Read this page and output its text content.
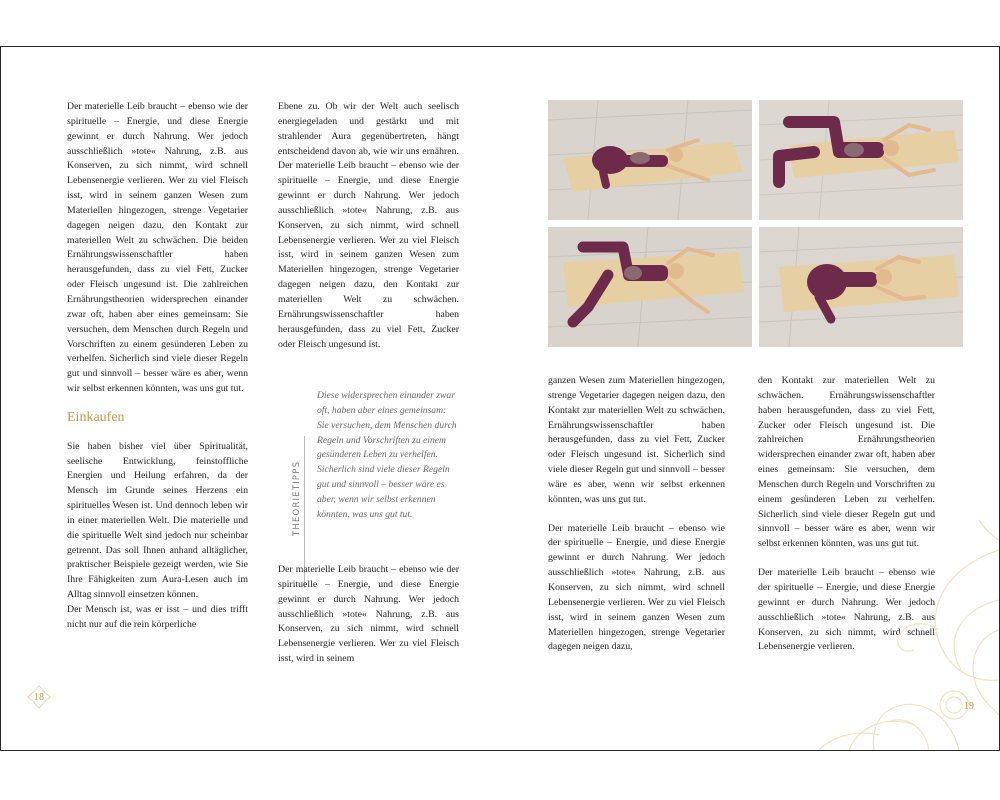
Der materielle Leib braucht – ebenso wie der spirituelle – Energie, und diese Energie gewinnt er durch Nahrung. Wer jedoch ausschließlich »tote« Nahrung, z.B. aus Konserven, zu sich nimmt, wird schnell Lebensenergie verlieren. Wer zu viel Fleisch isst, wird in seinem ganzen Wesen zum Materiellen hingezogen, strenge Vegetarier dagegen neigen dazu, den Kontakt zur materiellen Welt zu schwächen. Die beiden Ernährungswissenschaftler haben herausgefunden, dass zu viel Fett, Zucker oder Fleisch ungesund ist. Die zahlreichen Ernährungstheorien widersprechen einander zwar oft, haben aber eines gemeinsam: Sie versuchen, dem Menschen durch Regeln und Vorschriften zu einem gesünderen Leben zu verhelfen. Sicherlich sind viele dieser Regeln gut und sinnvoll – besser wäre es aber, wenn wir selbst erkennen könnten, was uns gut tut.

Einkaufen

Sie haben bisher viel über Spiritualität, seelische Entwicklung, feinstoffliche Energien und Heilung erfahren, da der Mensch im Grunde seines Herzens ein spirituelles Wesen ist. Und dennoch leben wir in einer materiellen Welt. Die materielle und die spirituelle Welt sind jedoch nur scheinbar getrennt. Das soll Ihnen anhand alltäglicher, praktischer Beispiele gezeigt werden, wie Sie Ihre Fähigkeiten zum Aura-Lesen auch im Alltag sinnvoll einsetzen können.

Der Mensch ist, was er isst – und dies trifft nicht nur auf die rein körperliche

Ebene zu. Ob wir der Welt auch seelisch energiegeladen und gestärkt und mit strahlender Aura gegenübertreten, hängt entscheidend davon ab, wie wir uns ernähren. Der materielle Leib braucht – ebenso wie der spirituelle – Energie, und diese Energie gewinnt er durch Nahrung. Wer jedoch ausschließlich »tote« Nahrung, z.B. aus Konserven, zu sich nimmt, wird schnell Lebensenergie verlieren. Wer zu viel Fleisch isst, wird in seinem ganzen Wesen zum Materiellen hingezogen, strenge Vegetarier dagegen neigen dazu, den Kontakt zur materiellen Welt zu schwächen. Ernährungswissenschaftler haben herausgefunden, dass zu viel Fett, Zucker oder Fleisch ungesund ist.

THEORIETIPPS

Diese widersprechen einander zwar oft, haben aber eines gemeinsam: Sie versuchen, dem Menschen durch Regeln und Vorschriften zu einem gesünderen Leben zu verhelfen. Sicherlich sind viele dieser Regeln gut und sinnvoll – besser wäre es aber, wenn wir selbst erkennen könnten, was uns gut tut.

Der materielle Leib braucht – ebenso wie der spirituelle – Energie, und diese Energie gewinnt er durch Nahrung. Wer jedoch ausschließlich »tote« Nahrung, z.B. aus Konserven, zu sich nimmt, wird schnell Lebensenergie verlieren. Wer zu viel Fleisch isst, wird in seinem

18

ganzen Wesen zum Materiellen hingezogen, strenge Vegetarier dagegen neigen dazu, den Kontakt zur materiellen Welt zu schwächen. Ernährungswissenschaftler haben herausgefunden, dass zu viel Fett, Zucker oder Fleisch ungesund ist. Sicherlich sind viele dieser Regeln gut und sinnvoll – besser wäre es aber, wenn wir selbst erkennen könnten, was uns gut tut.

Der materielle Leib braucht – ebenso wie der spirituelle – Energie, und diese Energie gewinnt er durch Nahrung. Wer jedoch ausschließlich »tote« Nahrung, z.B. aus Konserven, zu sich nimmt, wird schnell Lebensenergie verlieren. Wer zu viel Fleisch isst, wird in seinem ganzen Wesen zum Materiellen hingezogen, strenge Vegetarier dagegen neigen dazu,

den Kontakt zur materiellen Welt zu schwächen. Ernährungswissenschaftler haben herausgefunden, dass zu viel Fett, Zucker oder Fleisch ungesund ist. Die zahlreichen Ernährungstheorien widersprechen einander zwar oft, haben aber eines gemeinsam: Sie versuchen, dem Menschen durch Regeln und Vorschriften zu einem gesünderen Leben zu verhelfen. Sicherlich sind viele dieser Regeln gut und sinnvoll – besser wäre es aber, wenn wir selbst erkennen könnten, was uns gut tut.

Der materielle Leib braucht – ebenso wie der spirituelle – Energie, und diese Energie gewinnt er durch Nahrung. Wer jedoch ausschließlich »tote« Nahrung, z.B. aus Konserven, zu sich nimmt, wird schnell Lebensenergie verlieren.

19
